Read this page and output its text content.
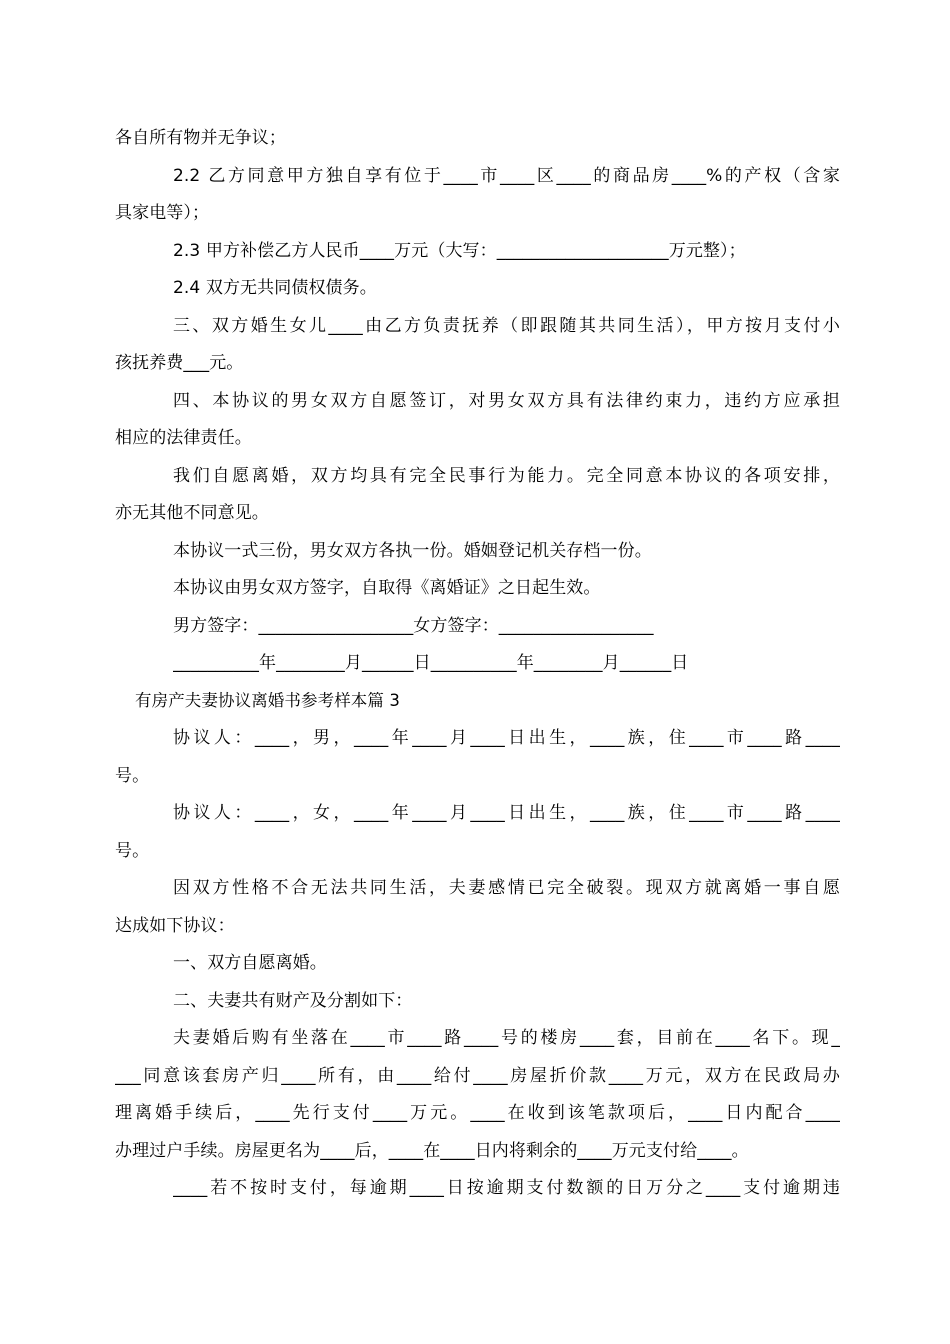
各自所有物并无争议；
2.2 乙方同意甲方独自享有位于____市____区____的商品房____%的产权（含家
具家电等）；
2.3 甲方补偿乙方人民币____万元（大写：____________________万元整）；
2.4 双方无共同债权债务。
三、双方婚生女儿____由乙方负责抚养（即跟随其共同生活），甲方按月支付小
孩抚养费___元。
四、本协议的男女双方自愿签订，对男女双方具有法律约束力，违约方应承担
相应的法律责任。
我们自愿离婚，双方均具有完全民事行为能力。完全同意本协议的各项安排，
亦无其他不同意见。
本协议一式三份，男女双方各执一份。婚姻登记机关存档一份。
本协议由男女双方签字，自取得《离婚证》之日起生效。
男方签字：__________________女方签字：__________________
__________年________月______日__________年________月______日
有房产夫妻协议离婚书参考样本篇 3
协议人：____，男，____年____月____日出生，____族，住____市____路____
号。
协议人：____，女，____年____月____日出生，____族，住____市____路____
号。
因双方性格不合无法共同生活，夫妻感情已完全破裂。现双方就离婚一事自愿
达成如下协议：
一、双方自愿离婚。
二、夫妻共有财产及分割如下：
夫妻婚后购有坐落在____市____路____号的楼房____套，目前在____名下。现_
___同意该套房产归____所有，由____给付____房屋折价款____万元，双方在民政局办
理离婚手续后，____先行支付____万元。____在收到该笔款项后，____日内配合____
办理过户手续。房屋更名为____后，____在____日内将剩余的____万元支付给____。
____若不按时支付，每逾期____日按逾期支付数额的日万分之____支付逾期违
